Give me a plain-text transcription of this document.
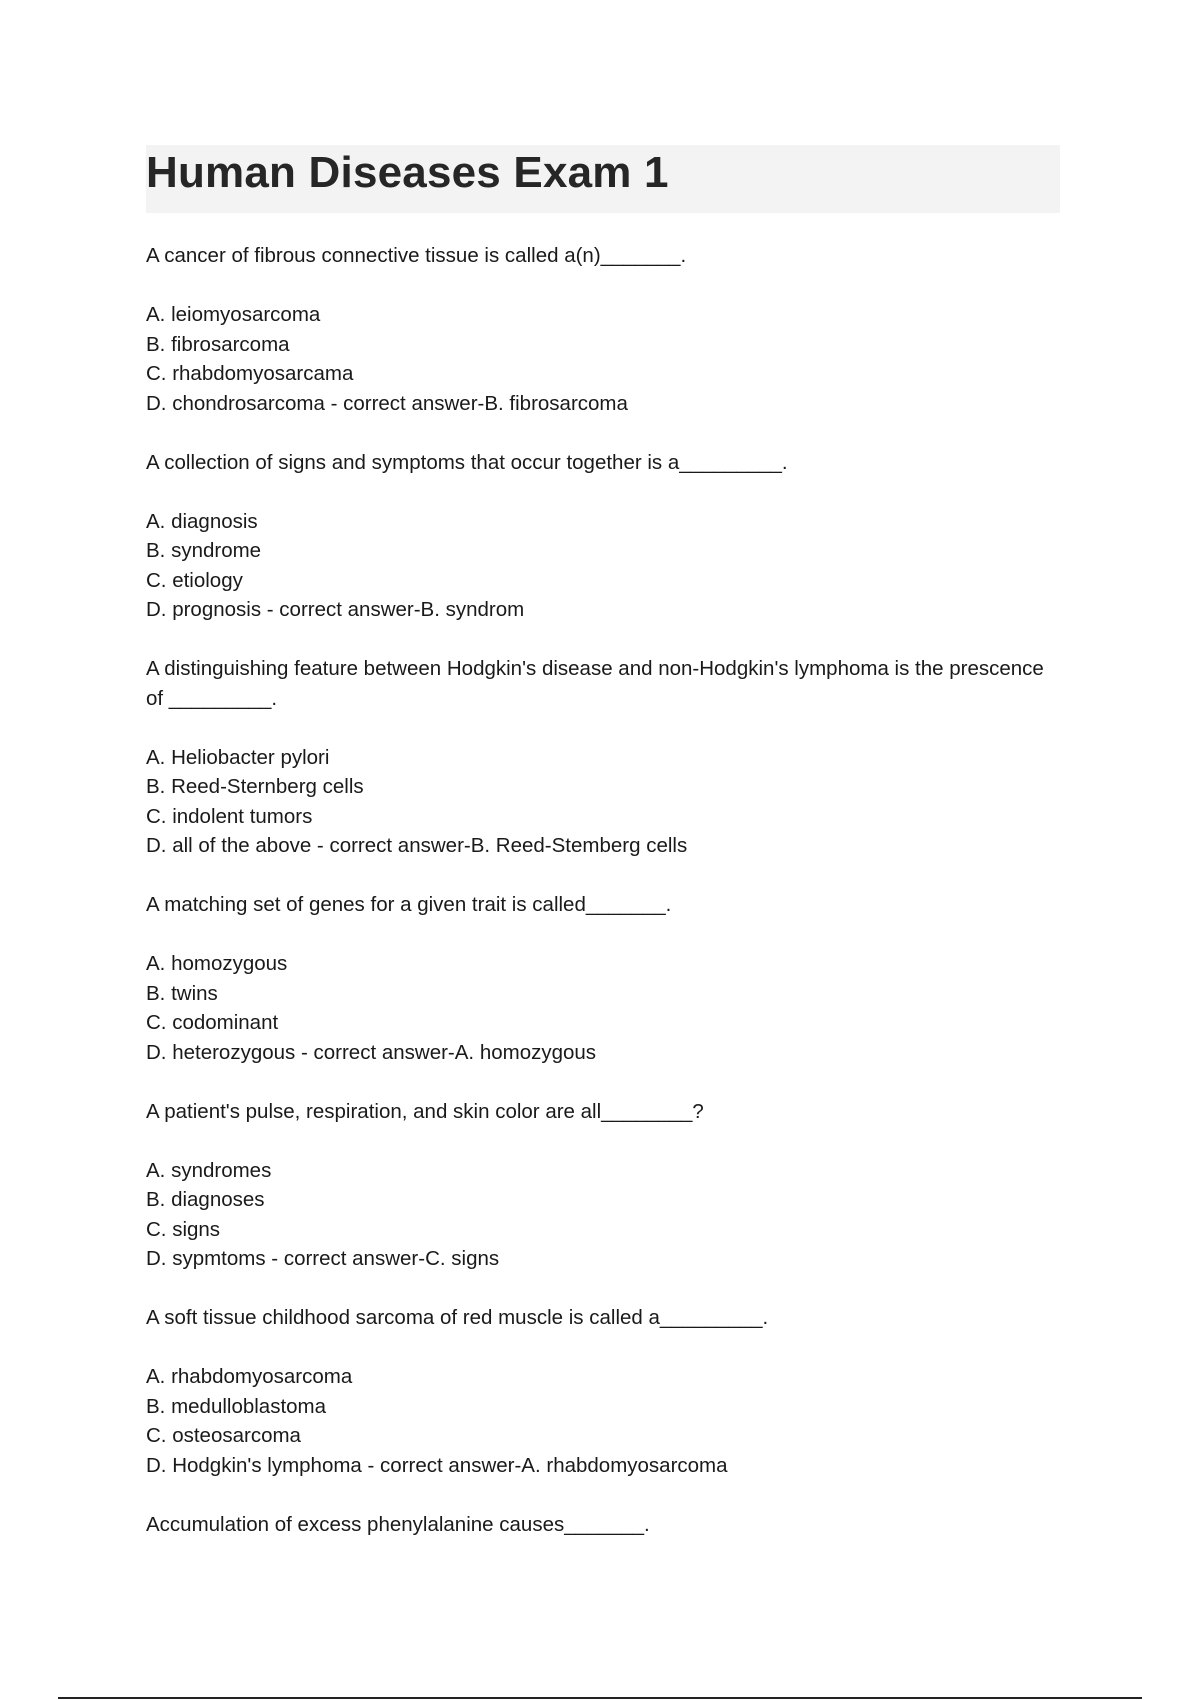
Human Diseases Exam 1

A cancer of fibrous connective tissue is called a(n)_______.

A. leiomyosarcoma
B. fibrosarcoma
C. rhabdomyosarcama
D. chondrosarcoma - correct answer-B. fibrosarcoma

A collection of signs and symptoms that occur together is a_________.

A. diagnosis
B. syndrome
C. etiology
D. prognosis - correct answer-B. syndrom

A distinguishing feature between Hodgkin's disease and non-Hodgkin's lymphoma is the prescence of _________.

A. Heliobacter pylori
B. Reed-Sternberg cells
C. indolent tumors
D. all of the above - correct answer-B. Reed-Stemberg cells

A matching set of genes for a given trait is called_______.

A. homozygous
B. twins
C. codominant
D. heterozygous - correct answer-A. homozygous

A patient's pulse, respiration, and skin color are all________?

A. syndromes
B. diagnoses
C. signs
D. sypmtoms - correct answer-C. signs

A soft tissue childhood sarcoma of red muscle is called a_________.

A. rhabdomyosarcoma
B. medulloblastoma
C. osteosarcoma
D. Hodgkin's lymphoma - correct answer-A. rhabdomyosarcoma

Accumulation of excess phenylalanine causes_______.
